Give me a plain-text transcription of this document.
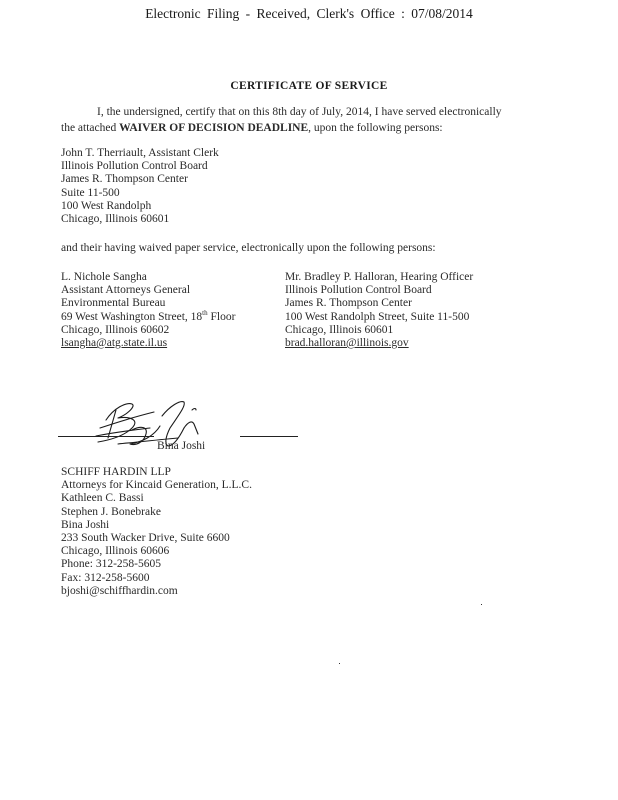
Electronic Filing - Received, Clerk's Office : 07/08/2014
CERTIFICATE OF SERVICE
I, the undersigned, certify that on this 8th day of July, 2014, I have served electronically
the attached WAIVER OF DECISION DEADLINE, upon the following persons:
John T. Therriault, Assistant Clerk
Illinois Pollution Control Board
James R. Thompson Center
Suite 11-500
100 West Randolph
Chicago, Illinois 60601
and their having waived paper service, electronically upon the following persons:
L. Nichole Sangha
Assistant Attorneys General
Environmental Bureau
69 West Washington Street, 18th Floor
Chicago, Illinois 60602
lsangha@atg.state.il.us
Mr. Bradley P. Halloran, Hearing Officer
Illinois Pollution Control Board
James R. Thompson Center
100 West Randolph Street, Suite 11-500
Chicago, Illinois 60601
brad.halloran@illinois.gov
Bina Joshi
SCHIFF HARDIN LLP
Attorneys for Kincaid Generation, L.L.C.
Kathleen C. Bassi
Stephen J. Bonebrake
Bina Joshi
233 South Wacker Drive, Suite 6600
Chicago, Illinois 60606
Phone: 312-258-5605
Fax: 312-258-5600
bjoshi@schiffhardin.com
